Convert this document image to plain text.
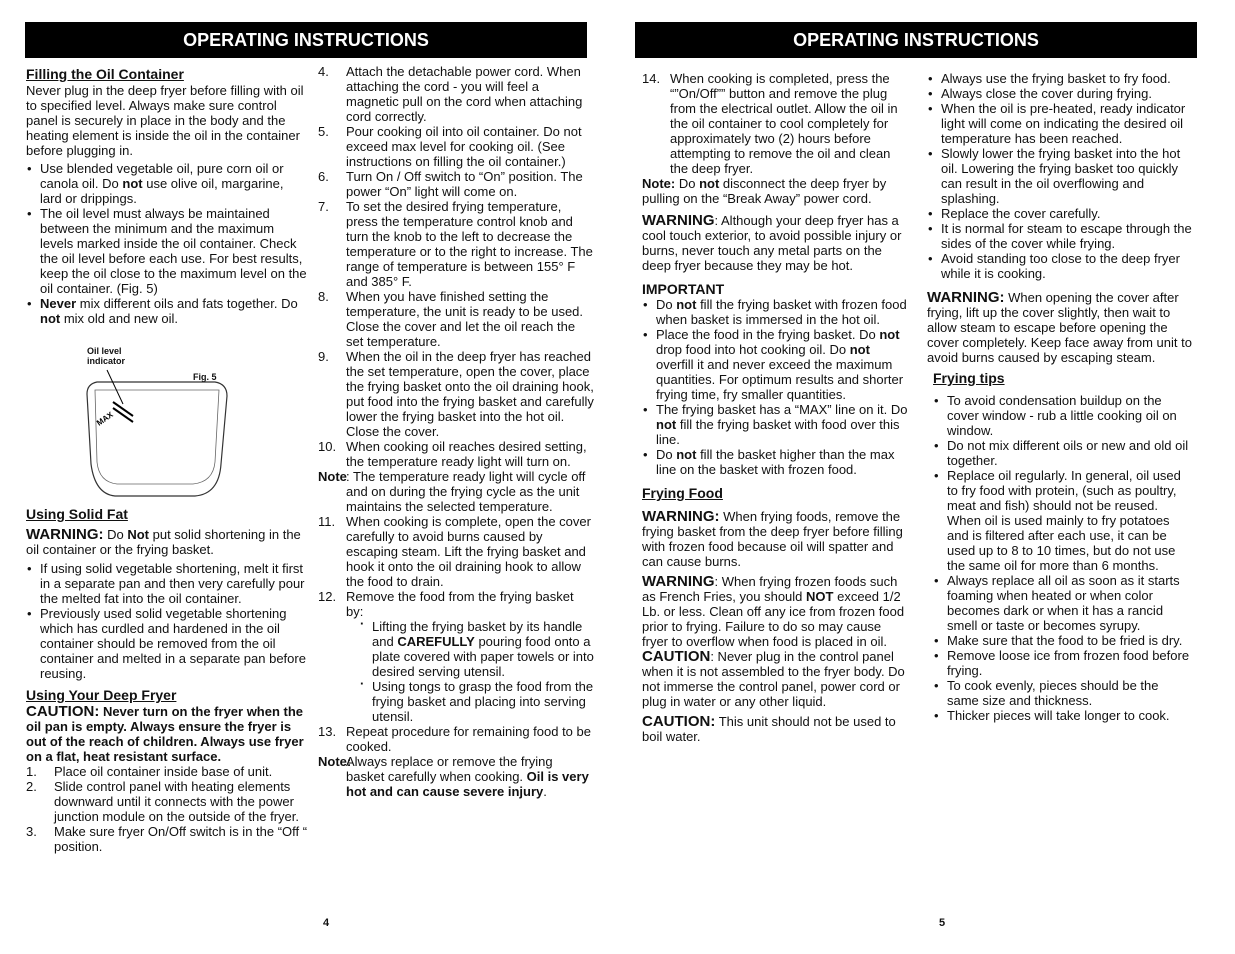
OPERATING INSTRUCTIONS	OPERATING INSTRUCTIONS
Filling the Oil Container

Never plug in the deep fryer before filling with oil to specified level. Always make sure control panel is securely in place in the body and the heating element is inside the oil in the container before plugging in.

• Use blended vegetable oil, pure corn oil or canola oil. Do not use olive oil, margarine, lard or drippings.
• The oil level must always be maintained between the minimum and the maximum levels marked inside the oil container. Check the oil level before each use. For best results, keep the oil close to the maximum level on the oil container. (Fig. 5)
• Never mix different oils and fats together. Do not mix old and new oil.
Oil level
indicator
Fig. 5
MAX
Using Solid Fat

WARNING: Do Not put solid shortening in the oil container or the frying basket.

• If using solid vegetable shortening, melt it first in a separate pan and then very carefully pour the melted fat into the oil container.
• Previously used solid vegetable shortening which has curdled and hardened in the oil container should be removed from the oil container and melted in a separate pan before reusing.
Using Your Deep Fryer

CAUTION: Never turn on the fryer when the oil pan is empty. Always ensure the fryer is out of the reach of children. Always use fryer on a flat, heat resistant surface.

1. Place oil container inside base of unit.
2. Slide control panel with heating elements downward until it connects with the power junction module on the outside of the fryer.
3. Make sure fryer On/Off switch is in the “Off “ position.
4. Attach the detachable power cord. When attaching the cord - you will feel a magnetic pull on the cord when attaching cord correctly.
5. Pour cooking oil into oil container. Do not exceed max level for cooking oil. (See instructions on filling the oil container.)
6. Turn On / Off switch to “On” position. The power “On” light will come on.
7. To set the desired frying temperature, press the temperature control knob and turn the knob to the left to decrease the temperature or to the right to increase. The range of temperature is between 155° F and 385° F.
8. When you have finished setting the temperature, the unit is ready to be used. Close the cover and let the oil reach the set temperature.
9. When the oil in the deep fryer has reached the set temperature, open the cover, place the frying basket onto the oil draining hook, put food into the frying basket and carefully lower the frying basket into the hot oil. Close the cover.
10. When cooking oil reaches desired setting, the temperature ready light will turn on.
Note : The temperature ready light will cycle off and on during the frying cycle as the unit maintains the selected temperature.
11. When cooking is complete, open the cover carefully to avoid burns caused by escaping steam. Lift the frying basket and hook it onto the oil draining hook to allow the food to drain.
12. Remove the food from the frying basket by:
· Lifting the frying basket by its handle and CAREFULLY pouring food onto a plate covered with paper towels or into desired serving utensil.
· Using tongs to grasp the food from the frying basket and placing into serving utensil.
13. Repeat procedure for remaining food to be cooked.
Note:
Always replace or remove the frying basket carefully when cooking. Oil is very hot and can cause severe injury.
4
14. When cooking is completed, press the “”On/Off”” button and remove the plug from the electrical outlet. Allow the oil in the oil container to cool completely for approximately two (2) hours before attempting to remove the oil and clean the deep fryer.

Note: Do not disconnect the deep fryer by pulling on the “Break Away” power cord.

WARNING: Although your deep fryer has a cool touch exterior, to avoid possible injury or burns, never touch any metal parts on the deep fryer because they may be hot.

IMPORTANT
• Do not fill the frying basket with frozen food when basket is immersed in the hot oil.
• Place the food in the frying basket. Do not drop food into hot cooking oil. Do not overfill it and never exceed the maximum quantities. For optimum results and shorter frying time, fry smaller quantities.
• The frying basket has a “MAX” line on it. Do not fill the frying basket with food over this line.
• Do not fill the basket higher than the max line on the basket with frozen food.
Frying Food

WARNING: When frying foods, remove the frying basket from the deep fryer before filling with frozen food because oil will spatter and can cause burns.

WARNING: When frying frozen foods such as French Fries, you should NOT exceed 1/2 Lb. or less. Clean off any ice from frozen food prior to frying. Failure to do so may cause fryer to overflow when food is placed in oil.

CAUTION: Never plug in the control panel when it is not assembled to the fryer body. Do not immerse the control panel, power cord or plug in water or any other liquid.

CAUTION: This unit should not be used to boil water.

• Always use the frying basket to fry food.
• Always close the cover during frying.
• When the oil is pre-heated, ready indicator light will come on indicating the desired oil temperature has been reached.
• Slowly lower the frying basket into the hot oil. Lowering the frying basket too quickly can result in the oil overflowing and splashing.
• Replace the cover carefully.
• It is normal for steam to escape through the sides of the cover while frying.
• Avoid standing too close to the deep fryer while it is cooking.

WARNING: When opening the cover after frying, lift up the cover slightly, then wait to allow steam to escape before opening the cover completely. Keep face away from unit to avoid burns caused by escaping steam.

Frying tips
• To avoid condensation buildup on the cover window - rub a little cooking oil on window.
• Do not mix different oils or new and old oil together.
• Replace oil regularly. In general, oil used to fry food with protein, (such as poultry, meat and fish) should not be reused. When oil is used mainly to fry potatoes and is filtered after each use, it can be used up to 8 to 10 times, but do not use the same oil for more than 6 months.
• Always replace all oil as soon as it starts foaming when heated or when color becomes dark or when it has a rancid smell or taste or becomes syrupy.
• Make sure that the food to be fried is dry.
• Remove loose ice from frozen food before frying.
• To cook evenly, pieces should be the same size and thickness.
• Thicker pieces will take longer to cook.
5
